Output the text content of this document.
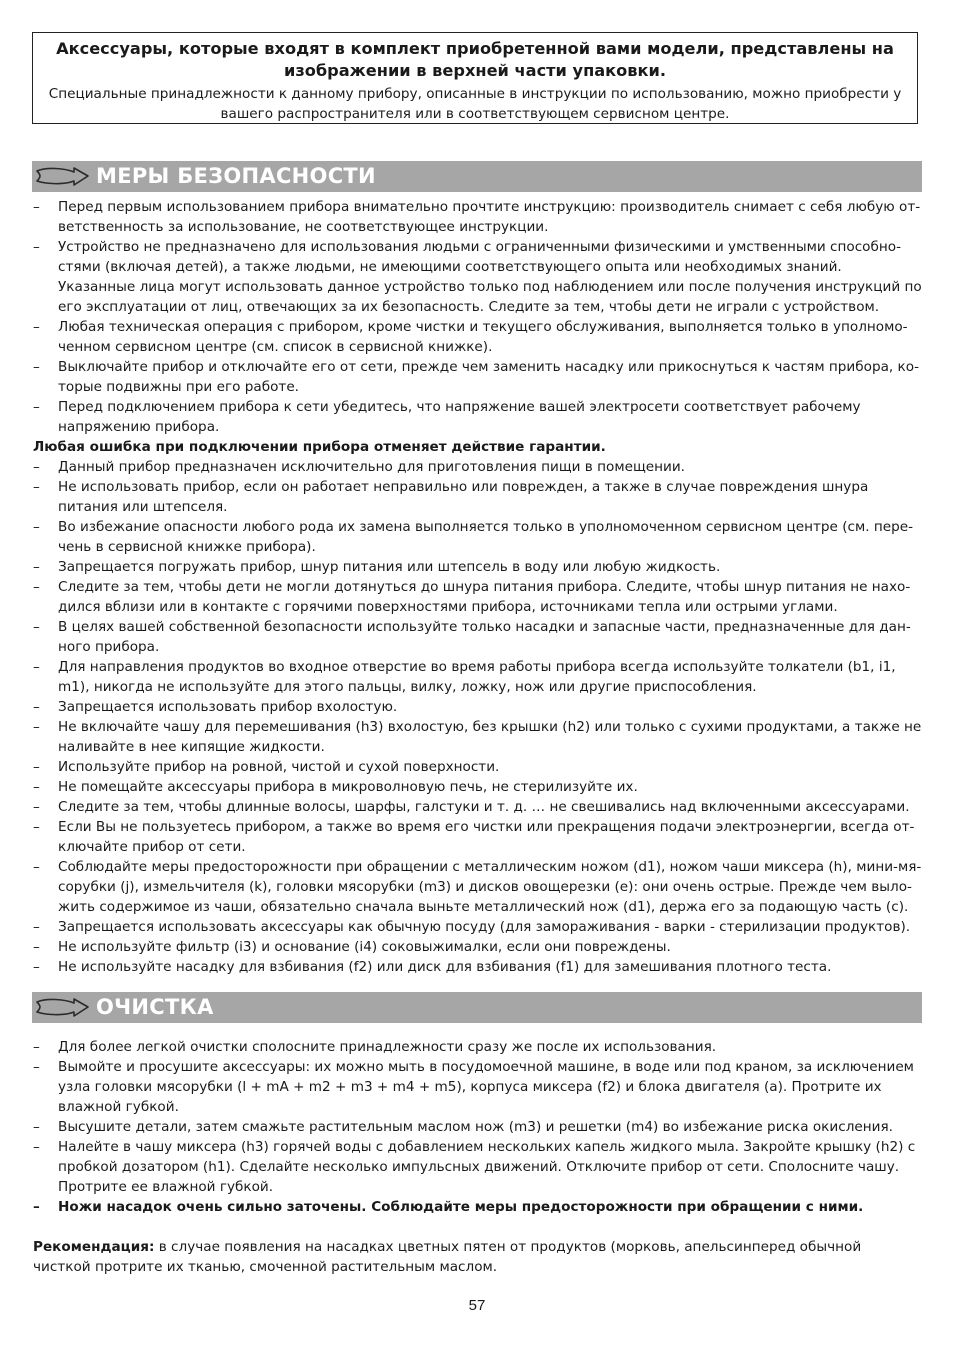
Аксессуары, которые входят в комплект приобретенной вами модели, представлены на изображении в верхней части упаковки.
Специальные принадлежности к данному прибору, описанные в инструкции по использованию, можно приобрести у вашего распространителя или в соответствующем сервисном центре.
МЕРЫ БЕЗОПАСНОСТИ
– Перед первым использованием прибора внимательно прочтите инструкцию: производитель снимает с себя любую ответственность за использование, не соответствующее инструкции.
– Устройство не предназначено для использования людьми с ограниченными физическими и умственными способностями (включая детей), а также людьми, не имеющими соответствующего опыта или необходимых знаний. Указанные лица могут использовать данное устройство только под наблюдением или после получения инструкций по его эксплуатации от лиц, отвечающих за их безопасность. Следите за тем, чтобы дети не играли с устройством.
– Любая техническая операция с прибором, кроме чистки и текущего обслуживания, выполняется только в уполномоченном сервисном центре (см. список в сервисной книжке).
– Выключайте прибор и отключайте его от сети, прежде чем заменить насадку или прикоснуться к частям прибора, которые подвижны при его работе.
– Перед подключением прибора к сети убедитесь, что напряжение вашей электросети соответствует рабочему напряжению прибора.
Любая ошибка при подключении прибора отменяет действие гарантии.
– Данный прибор предназначен исключительно для приготовления пищи в помещении.
– Не использовать прибор, если он работает неправильно или поврежден, а также в случае повреждения шнура питания или штепселя.
– Во избежание опасности любого рода их замена выполняется только в уполномоченном сервисном центре (см. перечень в сервисной книжке прибора).
– Запрещается погружать прибор, шнур питания или штепсель в воду или любую жидкость.
– Следите за тем, чтобы дети не могли дотянуться до шнура питания прибора. Следите, чтобы шнур питания не находился вблизи или в контакте с горячими поверхностями прибора, источниками тепла или острыми углами.
– В целях вашей собственной безопасности используйте только насадки и запасные части, предназначенные для данного прибора.
– Для направления продуктов во входное отверстие во время работы прибора всегда используйте толкатели (b1, i1, m1), никогда не используйте для этого пальцы, вилку, ложку, нож или другие приспособления.
– Запрещается использовать прибор вхолостую.
– Не включайте чашу для перемешивания (h3) вхолостую, без крышки (h2) или только с сухими продуктами, а также не наливайте в нее кипящие жидкости.
– Используйте прибор на ровной, чистой и сухой поверхности.
– Не помещайте аксессуары прибора в микроволновую печь, не стерилизуйте их.
– Следите за тем, чтобы длинные волосы, шарфы, галстуки и т. д. … не свешивались над включенными аксессуарами.
– Если Вы не пользуетесь прибором, а также во время его чистки или прекращения подачи электроэнергии, всегда отключайте прибор от сети.
– Соблюдайте меры предосторожности при обращении с металлическим ножом (d1), ножом чаши миксера (h), мини-мясорубки (j), измельчителя (k), головки мясорубки (m3) и дисков овощерезки (e): они очень острые. Прежде чем выложить содержимое из чаши, обязательно сначала выньте металлический нож (d1), держа его за подающую часть (c).
– Запрещается использовать аксессуары как обычную посуду (для замораживания - варки - стерилизации продуктов).
– Не используйте фильтр (i3) и основание (i4) соковыжималки, если они повреждены.
– Не используйте насадку для взбивания (f2) или диск для взбивания (f1) для замешивания плотного теста.
ОЧИСТКА
– Для более легкой очистки сполосните принадлежности сразу же после их использования.
– Вымойте и просушите аксессуары: их можно мыть в посудомоечной машине, в воде или под краном, за исключением узла головки мясорубки (l + mA + m2 + m3 + m4 + m5), корпуса миксера (f2) и блока двигателя (a). Протрите их влажной губкой.
– Высушите детали, затем смажьте растительным маслом нож (m3) и решетки (m4) во избежание риска окисления.
– Налейте в чашу миксера (h3) горячей воды с добавлением нескольких капель жидкого мыла. Закройте крышку (h2) с пробкой дозатором (h1). Сделайте несколько импульсных движений. Отключите прибор от сети. Сполосните чашу. Протрите ее влажной губкой.
– Ножи насадок очень сильно заточены. Соблюдайте меры предосторожности при обращении с ними.
Рекомендация: в случае появления на насадках цветных пятен от продуктов (морковь, апельсинперед обычной чисткой протрите их тканью, смоченной растительным маслом.
57
